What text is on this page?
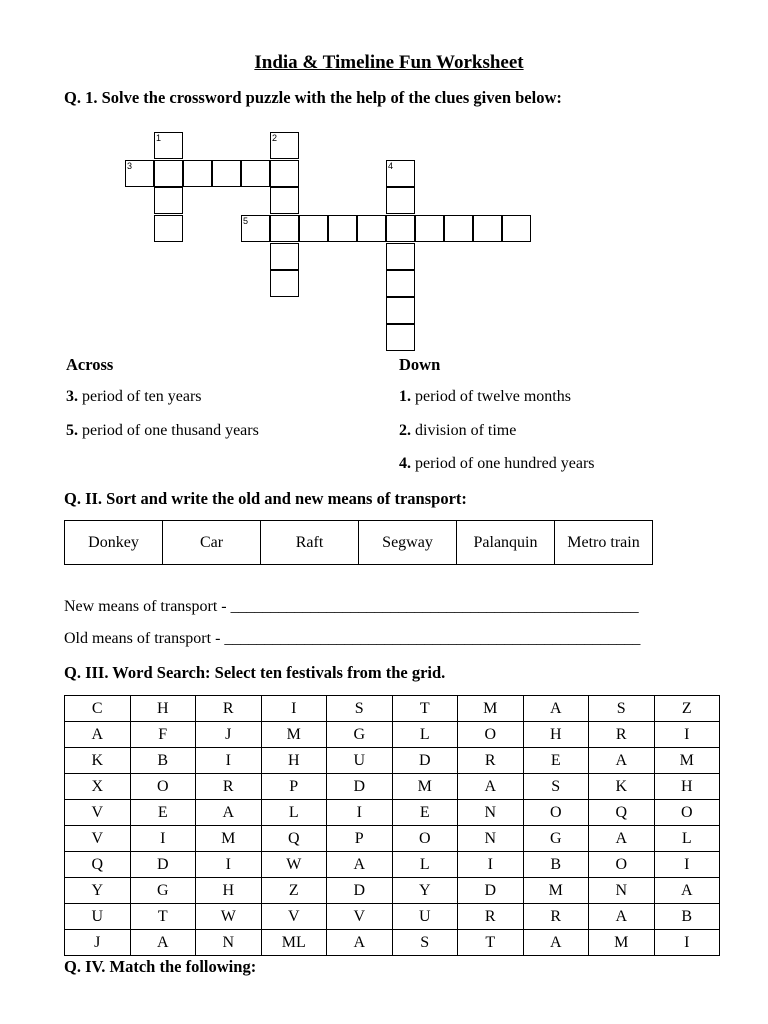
India & Timeline Fun Worksheet
Q. 1. Solve the crossword puzzle with the help of the clues given below:
1	2
3	4
5
Across
3. period of ten years
5. period of one thusand years
Down
1. period of twelve months
2. division of time
4. period of one hundred years
Q. II. Sort and write the old and new means of transport:
Donkey	Car	Raft	Segway	Palanquin	Metro train
New means of transport - ___________________________________________________
Old means of transport - ____________________________________________________
Q. III. Word Search: Select ten festivals from the grid.
C	H	R	I	S	T	M	A	S	Z
A	F	J	M	G	L	O	H	R	I
K	B	I	H	U	D	R	E	A	M
X	O	R	P	D	M	A	S	K	H
V	E	A	L	I	E	N	O	Q	O
V	I	M	Q	P	O	N	G	A	L
Q	D	I	W	A	L	I	B	O	I
Y	G	H	Z	D	Y	D	M	N	A
U	T	W	V	V	U	R	R	A	B
J	A	N	ML	A	S	T	A	M	I
Q. IV. Match the following:
